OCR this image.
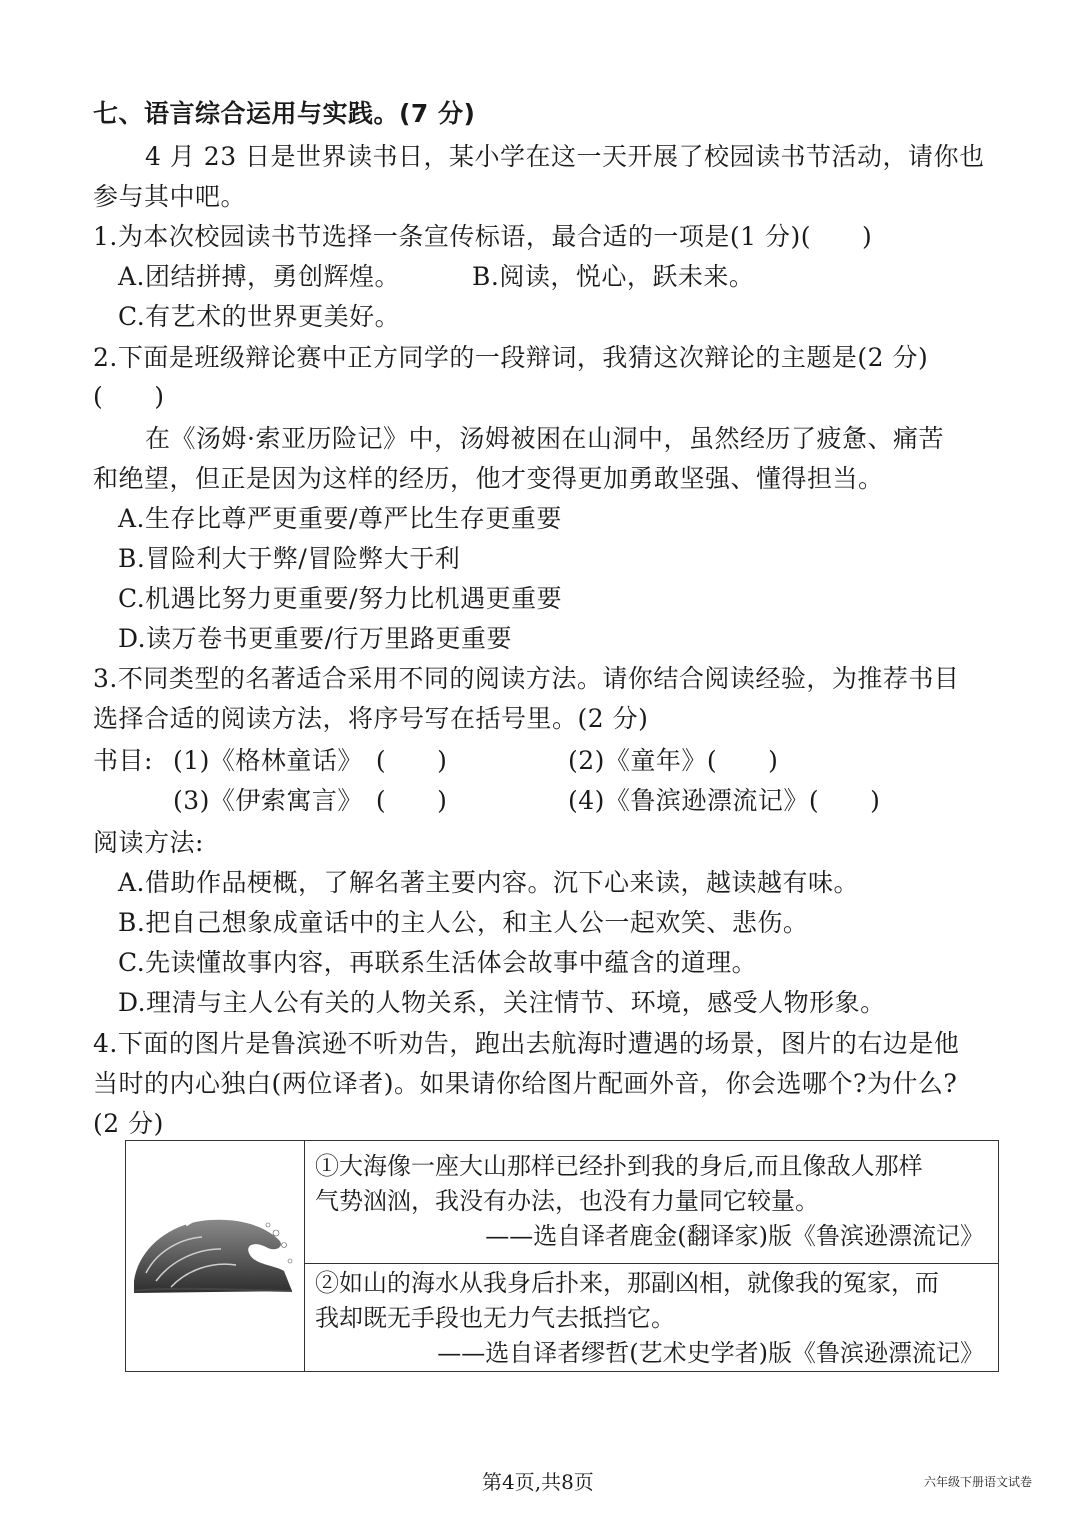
七、语言综合运用与实践。(7 分)
4 月 23 日是世界读书日，某小学在这一天开展了校园读书节活动，请你也
参与其中吧。
1.为本次校园读书节选择一条宣传标语，最合适的一项是(1 分)(　　)
A.团结拼搏，勇创辉煌。	B.阅读，悦心，跃未来。
C.有艺术的世界更美好。
2.下面是班级辩论赛中正方同学的一段辩词，我猜这次辩论的主题是(2 分)
(　　)
在《汤姆·索亚历险记》中，汤姆被困在山洞中，虽然经历了疲惫、痛苦
和绝望，但正是因为这样的经历，他才变得更加勇敢坚强、懂得担当。
A.生存比尊严更重要/尊严比生存更重要
B.冒险利大于弊/冒险弊大于利
C.机遇比努力更重要/努力比机遇更重要
D.读万卷书更重要/行万里路更重要
3.不同类型的名著适合采用不同的阅读方法。请你结合阅读经验，为推荐书目
选择合适的阅读方法，将序号写在括号里。(2 分)
书目: (1)《格林童话》　(　　)	(2)《童年》(　　)
(3)《伊索寓言》　(　　)	(4)《鲁滨逊漂流记》(　　)
阅读方法:
A.借助作品梗概，了解名著主要内容。沉下心来读，越读越有味。
B.把自己想象成童话中的主人公，和主人公一起欢笑、悲伤。
C.先读懂故事内容，再联系生活体会故事中蕴含的道理。
D.理清与主人公有关的人物关系，关注情节、环境，感受人物形象。
4.下面的图片是鲁滨逊不听劝告，跑出去航海时遭遇的场景，图片的右边是他
当时的内心独白(两位译者)。如果请你给图片配画外音，你会选哪个?为什么?
(2 分)

①大海像一座大山那样已经扑到我的身后,而且像敌人那样
气势汹汹，我没有办法，也没有力量同它较量。
——选自译者鹿金(翻译家)版《鲁滨逊漂流记》

②如山的海水从我身后扑来，那副凶相，就像我的冤家，而
我却既无手段也无力气去抵挡它。
——选自译者缪哲(艺术史学者)版《鲁滨逊漂流记》
第4页,共8页	六年级下册语文试卷
